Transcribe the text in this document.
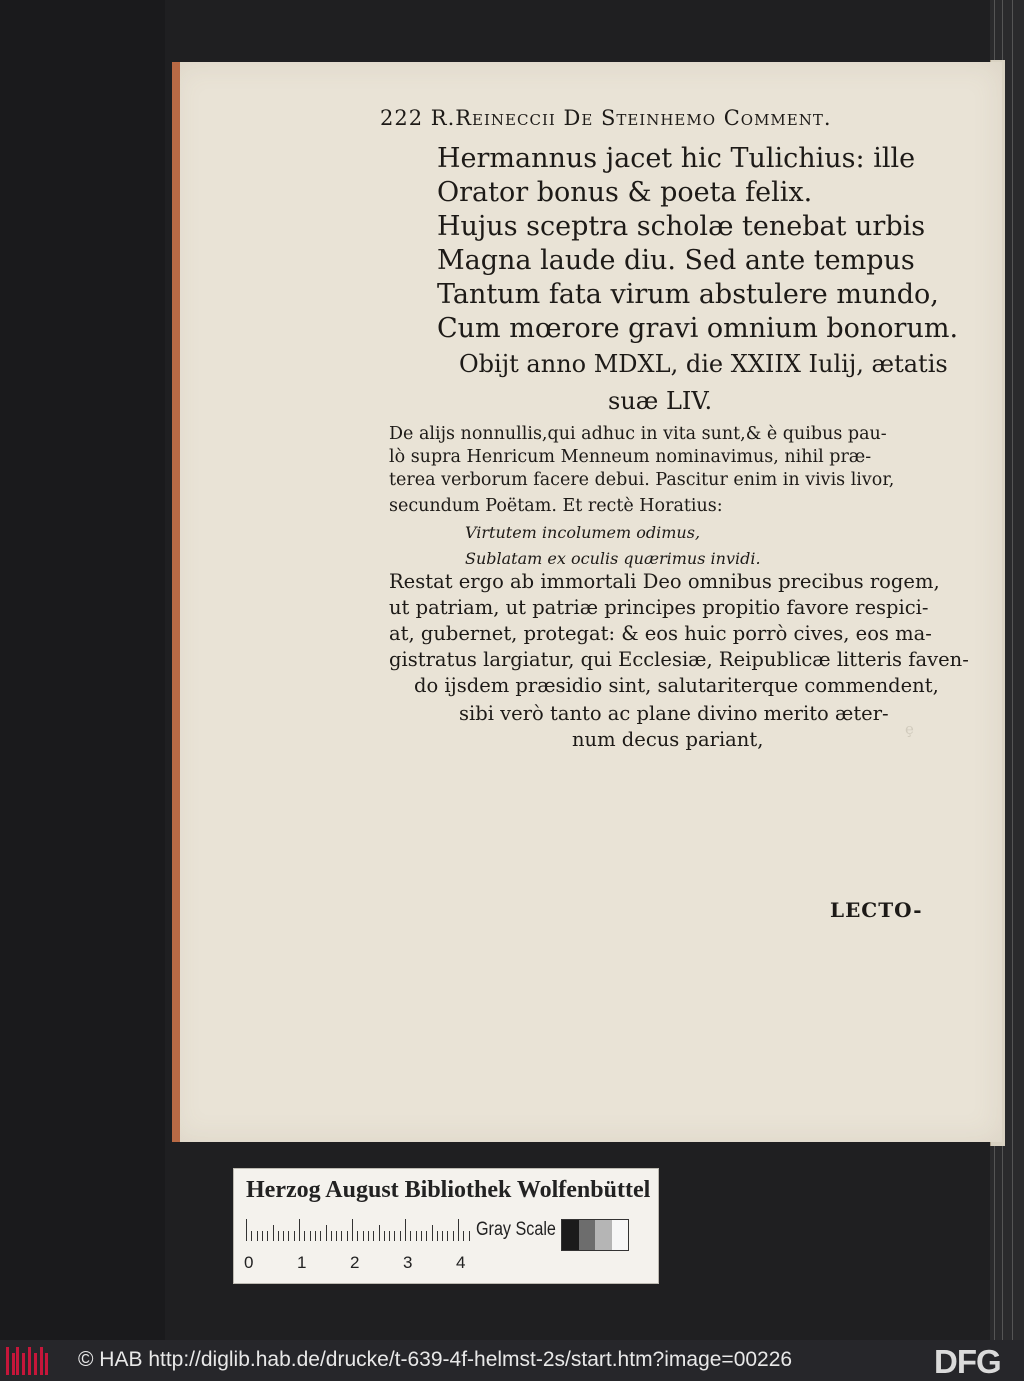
ȩ
222 R.Reineccii De Steinhemo Comment.
Hermannus jacet hic Tulichius: ille
Orator bonus & poeta felix.
Hujus sceptra scholæ tenebat urbis
Magna laude diu. Sed ante tempus
Tantum fata virum abstulere mundo,
Cum mœrore gravi omnium bonorum.
Obijt anno MDXL, die XXIIX Iulij, ætatis
suæ LIV.
De alijs nonnullis,qui adhuc in vita sunt,& è quibus pau-
lò supra Henricum Menneum nominavimus, nihil præ-
terea verborum facere debui. Pascitur enim in vivis livor,
secundum Poëtam. Et rectè Horatius:
Virtutem incolumem odimus,
Sublatam ex oculis quærimus invidi.
Restat ergo ab immortali Deo omnibus precibus rogem,
ut patriam, ut patriæ principes propitio favore respici-
at, gubernet, protegat: & eos huic porrò cives, eos ma-
gistratus largiatur, qui Ecclesiæ, Reipublicæ litteris faven-
do ijsdem præsidio sint, salutariterque commendent,
sibi verò tanto ac plane divino merito æter-
num decus pariant,
LECTO-
Herzog August Bibliothek Wolfenbüttel
0	1	2	3	4
Gray Scale
© HAB http://diglib.hab.de/drucke/t-639-4f-helmst-2s/start.htm?image=00226	DFG
